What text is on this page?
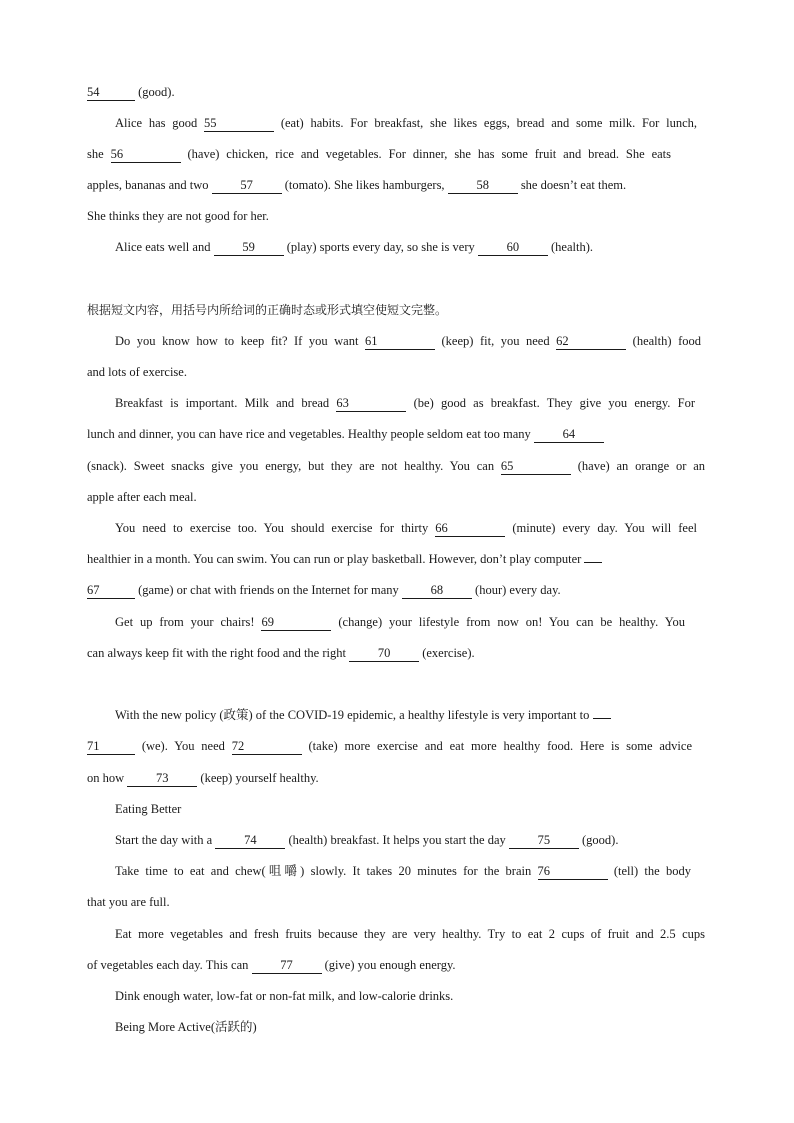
54	(good).
Alice has good 55	(eat) habits. For breakfast, she likes eggs, bread and some milk. For lunch,
she 56	(have) chicken, rice and vegetables. For dinner, she has some fruit and bread. She eats
apples, bananas and two 57 (tomato). She likes hamburgers, 58 she doesn’t eat them.
She thinks they are not good for her.
Alice eats well and 59 (play) sports every day, so she is very 60 (health).
根据短文内容，用括号内所给词的正确时态或形式填空使短文完整。
Do you know how to keep fit? If you want 61	(keep) fit, you need 62	(health) food
and lots of exercise.
Breakfast is important. Milk and bread 63	(be) good as breakfast. They give you energy. For
lunch and dinner, you can have rice and vegetables. Healthy people seldom eat too many 64
(snack). Sweet snacks give you energy, but they are not healthy. You can 65	(have) an orange or an
apple after each meal.
You need to exercise too. You should exercise for thirty 66	(minute) every day. You will feel
healthier in a month. You can swim. You can run or play basketball. However, don’t play computer
67	(game) or chat with friends on the Internet for many 68 (hour) every day.
Get up from your chairs! 69	(change) your lifestyle from now on! You can be healthy. You
can always keep fit with the right food and the right 70 (exercise).
With the new policy (政策) of the COVID-19 epidemic, a healthy lifestyle is very important to
71	(we). You need 72	(take) more exercise and eat more healthy food. Here is some advice
on how 73 (keep) yourself healthy.
Eating Better
Start the day with a 74 (health) breakfast. It helps you start the day 75 (good).
Take time to eat and chew(咀嚼) slowly. It takes 20 minutes for the brain 76	(tell) the body
that you are full.
Eat more vegetables and fresh fruits because they are very healthy. Try to eat 2 cups of fruit and 2.5 cups
of vegetables each day. This can 77 (give) you enough energy.
Dink enough water, low-fat or non-fat milk, and low-calorie drinks.
Being More Active(活跃的)
